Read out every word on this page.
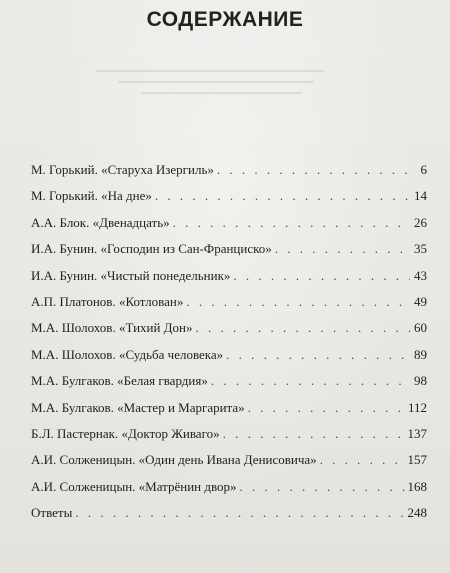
СОДЕРЖАНИЕ
М. Горький. «Старуха Изергиль» . . .	6
М. Горький. «На дне» . . .	14
А.А. Блок. «Двенадцать» . . .	26
И.А. Бунин. «Господин из Сан-Франциско» . . .	35
И.А. Бунин. «Чистый понедельник» . . .	43
А.П. Платонов. «Котлован» . . .	49
М.А. Шолохов. «Тихий Дон» . . .	60
М.А. Шолохов. «Судьба человека» . . .	89
М.А. Булгаков. «Белая гвардия» . . .	98
М.А. Булгаков. «Мастер и Маргарита» . . .	112
Б.Л. Пастернак. «Доктор Живаго» . . .	137
А.И. Солженицын. «Один день Ивана Денисовича» . . .	157
А.И. Солженицын. «Матрёнин двор» . . .	168
Ответы . . .	248
